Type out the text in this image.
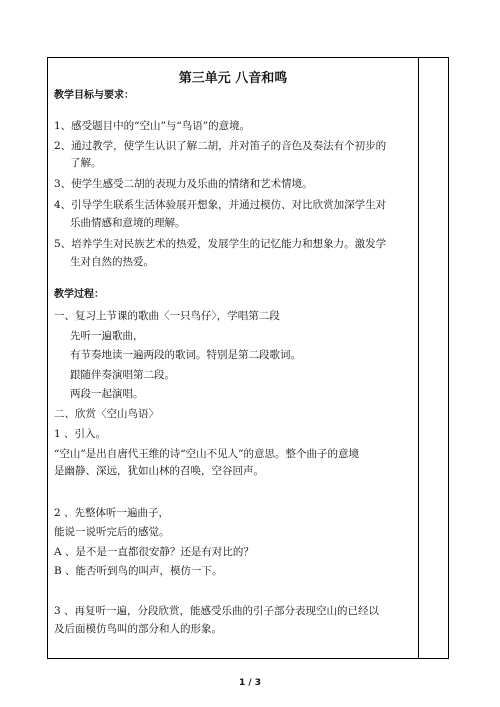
第三单元 八音和鸣
教学目标与要求：
1、感受题目中的“空山”与“鸟语”的意境。
2、通过教学，使学生认识了解二胡，并对笛子的音色及奏法有个初步的
了解。
3、使学生感受二胡的表现力及乐曲的情绪和艺术情境。
4、引导学生联系生活体验展开想象，并通过模仿、对比欣赏加深学生对
乐曲情感和意境的理解。
5、培养学生对民族艺术的热爱，发展学生的记忆能力和想象力。激发学
生对自然的热爱。
教学过程：
一、复习上节课的歌曲〈一只鸟仔〉，学唱第二段
先听一遍歌曲，
有节奏地读一遍两段的歌词。特别是第二段歌词。
跟随伴奏演唱第二段。
两段一起演唱。
二、欣赏〈空山鸟语〉
1 、引入。
“空山”是出自唐代王维的诗“空山不见人”的意思。整个曲子的意境
是幽静、深远，犹如山林的召唤，空谷回声。
2 、先整体听一遍曲子，
能说一说听完后的感觉。
A 、是不是一直都很安静？还是有对比的？
B 、能否听到鸟的叫声，模仿一下。
3 、再复听一遍，分段欣赏，能感受乐曲的引子部分表现空山的已经以
及后面模仿鸟叫的部分和人的形象。
1 / 3
